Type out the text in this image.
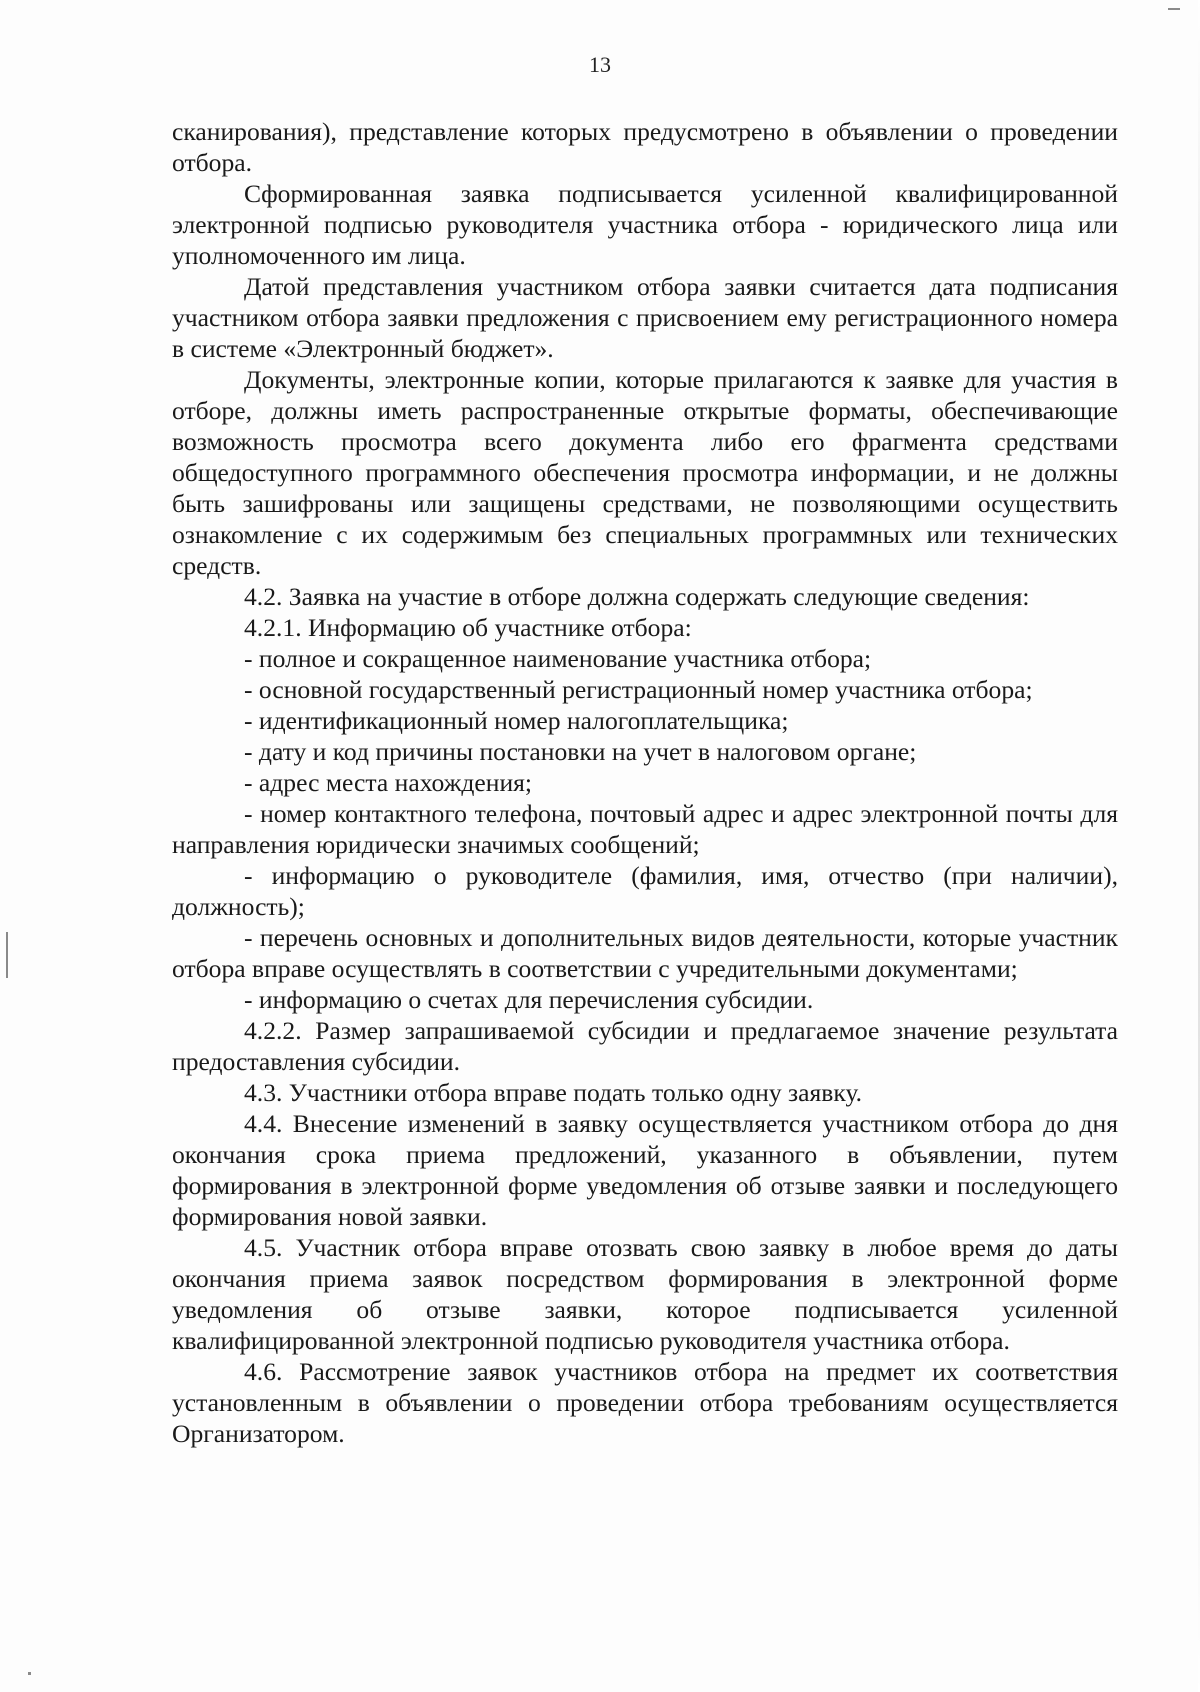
13

сканирования), представление которых предусмотрено в объявлении о проведении отбора.

Сформированная заявка подписывается усиленной квалифицированной электронной подписью руководителя участника отбора - юридического лица или уполномоченного им лица.

Датой представления участником отбора заявки считается дата подписания участником отбора заявки предложения с присвоением ему регистрационного номера в системе «Электронный бюджет».

Документы, электронные копии, которые прилагаются к заявке для участия в отборе, должны иметь распространенные открытые форматы, обеспечивающие возможность просмотра всего документа либо его фрагмента средствами общедоступного программного обеспечения просмотра информации, и не должны быть зашифрованы или защищены средствами, не позволяющими осуществить ознакомление с их содержимым без специальных программных или технических средств.

4.2. Заявка на участие в отборе должна содержать следующие сведения:

4.2.1. Информацию об участнике отбора:

- полное и сокращенное наименование участника отбора;

- основной государственный регистрационный номер участника отбора;

- идентификационный номер налогоплательщика;

- дату и код причины постановки на учет в налоговом органе;

- адрес места нахождения;

- номер контактного телефона, почтовый адрес и адрес электронной почты для направления юридически значимых сообщений;

- информацию о руководителе (фамилия, имя, отчество (при наличии), должность);

- перечень основных и дополнительных видов деятельности, которые участник отбора вправе осуществлять в соответствии с учредительными документами;

- информацию о счетах для перечисления субсидии.

4.2.2. Размер запрашиваемой субсидии и предлагаемое значение результата предоставления субсидии.

4.3. Участники отбора вправе подать только одну заявку.

4.4. Внесение изменений в заявку осуществляется участником отбора до дня окончания срока приема предложений, указанного в объявлении, путем формирования в электронной форме уведомления об отзыве заявки и последующего формирования новой заявки.

4.5. Участник отбора вправе отозвать свою заявку в любое время до даты окончания приема заявок посредством формирования в электронной форме уведомления об отзыве заявки, которое подписывается усиленной квалифицированной электронной подписью руководителя участника отбора.

4.6. Рассмотрение заявок участников отбора на предмет их соответствия установленным в объявлении о проведении отбора требованиям осуществляется Организатором.
